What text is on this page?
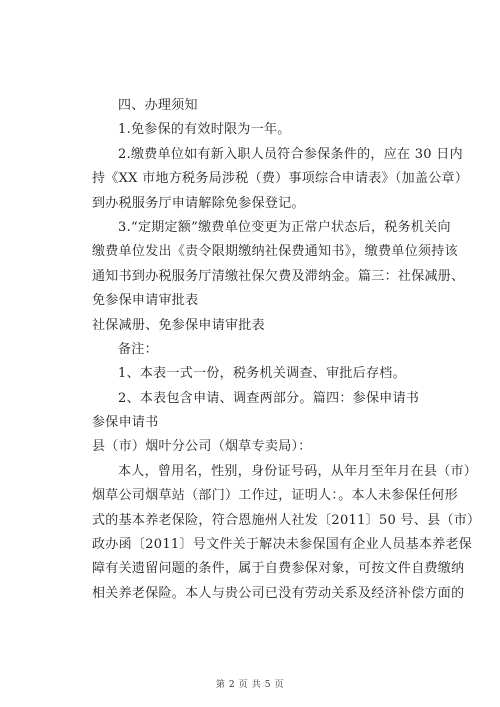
四、办理须知
1.免参保的有效时限为一年。
2.缴费单位如有新入职人员符合参保条件的，应在 30 日内
持《XX 市地方税务局涉税（费）事项综合申请表》（加盖公章）
到办税服务厅申请解除免参保登记。
3.“定期定额”缴费单位变更为正常户状态后，税务机关向
缴费单位发出《责令限期缴纳社保费通知书》，缴费单位须持该
通知书到办税服务厅清缴社保欠费及滞纳金。篇三：社保减册、
免参保申请审批表
社保减册、免参保申请审批表
备注：
1、本表一式一份，税务机关调查、审批后存档。
2、本表包含申请、调查两部分。篇四：参保申请书
参保申请书
县（市）烟叶分公司（烟草专卖局）：
本人，曾用名，性别，身份证号码，从年月至年月在县（市）
烟草公司烟草站（部门）工作过，证明人：。本人未参保任何形
式的基本养老保险，符合恩施州人社发〔2011〕50 号、县（市）
政办函〔2011〕号文件关于解决未参保国有企业人员基本养老保
障有关遗留问题的条件，属于自费参保对象，可按文件自费缴纳
相关养老保险。本人与贵公司已没有劳动关系及经济补偿方面的
第 2 页 共 5 页
